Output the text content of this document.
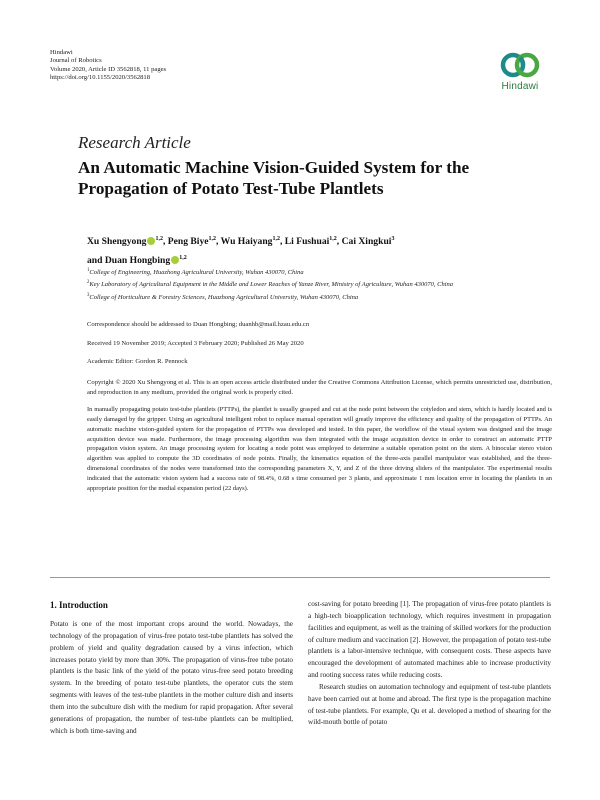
Hindawi
Journal of Robotics
Volume 2020, Article ID 3562818, 11 pages
https://doi.org/10.1155/2020/3562818
Hindawi
Research Article
An Automatic Machine Vision-Guided System for the Propagation of Potato Test-Tube Plantlets
Xu Shengyong $^{1,2}$, Peng Biye$^{1,2}$, Wu Haiyang$^{1,2}$, Li Fushuai$^{1,2}$, Cai Xingkui$^3$
and Duan Hongbing $^{1,2}$
$^1$College of Engineering, Huazhong Agricultural University, Wuhan 430070, China
$^2$Key Laboratory of Agricultural Equipment in the Middle and Lower Reaches of Yanze River, Ministry of Agriculture, Wuhan 430070, China
$^3$College of Horticulture & Forestry Sciences, Huazhong Agricultural University, Wuhan 430070, China
Correspondence should be addressed to Duan Hongbing; duanhb@mail.hzau.edu.cn
Received 19 November 2019; Accepted 3 February 2020; Published 26 May 2020
Academic Editor: Gordon R. Pennock
Copyright © 2020 Xu Shengyong et al. This is an open access article distributed under the Creative Commons Attribution License, which permits unrestricted use, distribution, and reproduction in any medium, provided the original work is properly cited.
In manually propagating potato test-tube plantlets (PTTPs), the plantlet is usually grasped and cut at the node point between the cotyledon and stem, which is hardly located and is easily damaged by the gripper. Using an agricultural intelligent robot to replace manual operation will greatly improve the efficiency and quality of the propagation of PTTPs. An automatic machine vision-guided system for the propagation of PTTPs was developed and tested. In this paper, the workflow of the visual system was designed and the image acquisition device was made. Furthermore, the image processing algorithm was then integrated with the image acquisition device in order to construct an automatic PTTP propagation vision system. An image processing system for locating a node point was employed to determine a suitable operation point on the stem. A binocular stereo vision algorithm was applied to compute the 3D coordinates of node points. Finally, the kinematics equation of the three-axis parallel manipulator was established, and the three-dimensional coordinates of the nodes were transformed into the corresponding parameters X, Y, and Z of the three driving sliders of the manipulator. The experimental results indicated that the automatic vision system had a success rate of 98.4%, 0.68 s time consumed per 3 plants, and approximate 1 mm location error in locating the plantlets in an appropriate position for the medial expansion period (22 days).
1. Introduction

Potato is one of the most important crops around the world. Nowadays, the technology of the propagation of virus-free potato test-tube plantlets has solved the problem of yield and quality degradation caused by a virus infection, which increases potato yield by more than 30%. The propagation of virus-free tube potato plantlets is the basic link of the yield of the potato virus-free seed potato breeding system. In the breeding of potato test-tube plantlets, the operator cuts the stem segments with leaves of the test-tube plantlets in the mother culture dish and inserts them into the subculture dish with the medium for rapid propagation. After several generations of propagation, the number of test-tube plantlets can be multiplied, which is both time-saving and

cost-saving for potato breeding [1]. The propagation of virus-free potato plantlets is a high-tech bioapplication technology, which requires investment in propagation facilities and equipment, as well as the training of skilled workers for the production of culture medium and vaccination [2]. However, the propagation of potato test-tube plantlets is a labor-intensive technique, with consequent costs. These aspects have encouraged the development of automated machines able to increase productivity and rooting success rates while reducing costs.

Research studies on automation technology and equipment of test-tube plantlets have been carried out at home and abroad. The first type is the propagation machine of test-tube plantlets. For example, Qu et al. developed a method of shearing for the wild-mouth bottle of potato
